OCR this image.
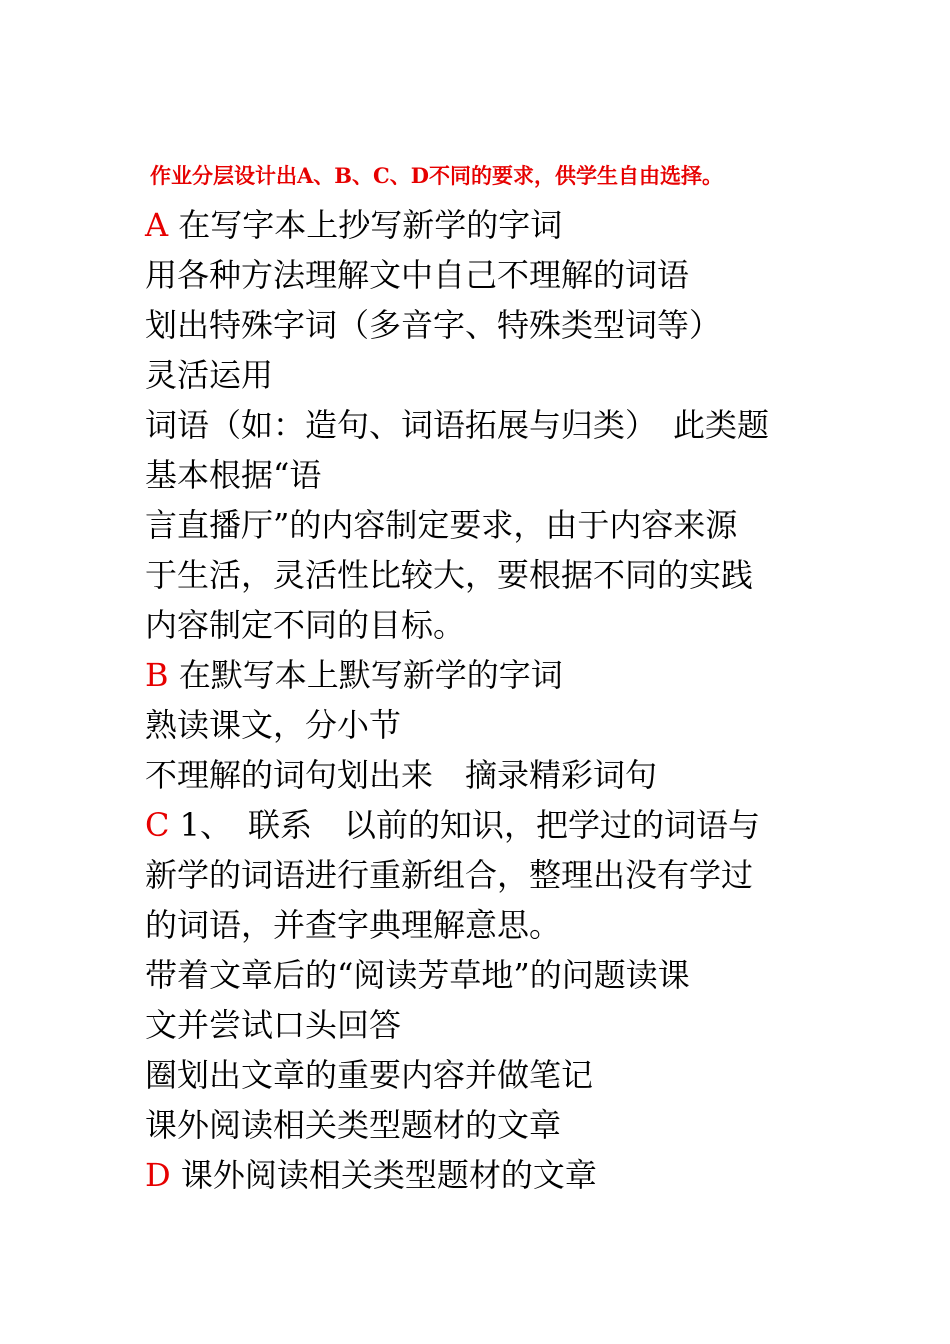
作业分层设计出A、B、C、D不同的要求，供学生自由选择。
A 在写字本上抄写新学的字词
用各种方法理解文中自己不理解的词语
划出特殊字词（多音字、特殊类型词等）
灵活运用
词语（如：造句、词语拓展与归类）　此类题
基本根据“语
言直播厅”的内容制定要求，由于内容来源
于生活，灵活性比较大，要根据不同的实践
内容制定不同的目标。
B 在默写本上默写新学的字词
熟读课文，分小节
不理解的词句划出来　摘录精彩词句
C 1、　联系　以前的知识，把学过的词语与
新学的词语进行重新组合，整理出没有学过
的词语，并查字典理解意思。
带着文章后的“阅读芳草地”的问题读课
文并尝试口头回答
圈划出文章的重要内容并做笔记
课外阅读相关类型题材的文章
D 课外阅读相关类型题材的文章
